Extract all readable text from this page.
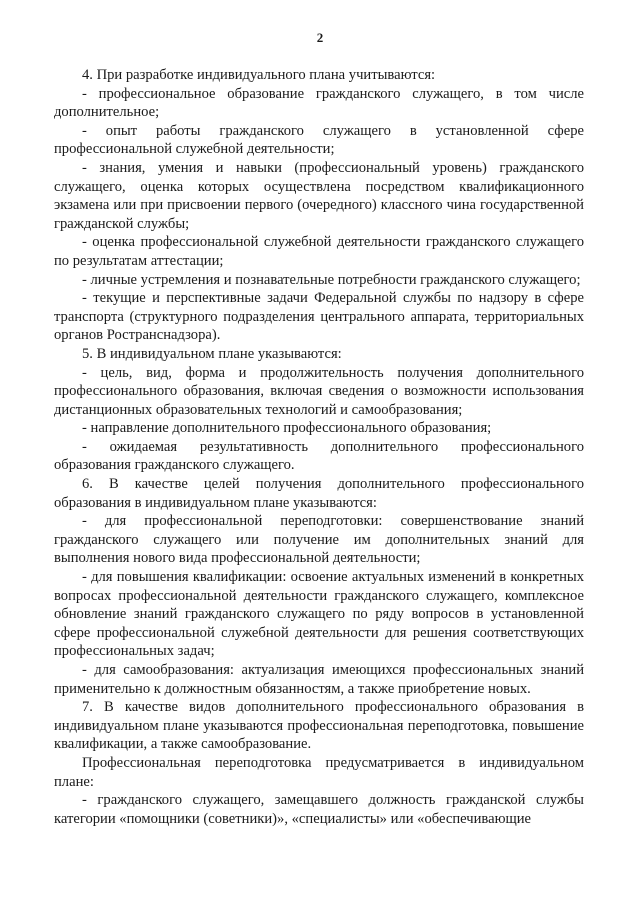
2

4. При разработке индивидуального плана учитываются:

- профессиональное образование гражданского служащего, в том числе дополнительное;

- опыт работы гражданского служащего в установленной сфере профессиональной служебной деятельности;

- знания, умения и навыки (профессиональный уровень) гражданского служащего, оценка которых осуществлена посредством квалификационного экзамена или при присвоении первого (очередного) классного чина государственной гражданской службы;

- оценка профессиональной служебной деятельности гражданского служащего по результатам аттестации;

- личные устремления и познавательные потребности гражданского служащего;

- текущие и перспективные задачи Федеральной службы по надзору в сфере транспорта (структурного подразделения центрального аппарата, территориальных органов Ространснадзора).

5. В индивидуальном плане указываются:

- цель, вид, форма и продолжительность получения дополнительного профессионального образования, включая сведения о возможности использования дистанционных образовательных технологий и самообразования;

- направление дополнительного профессионального образования;

- ожидаемая результативность дополнительного профессионального образования гражданского служащего.

6. В качестве целей получения дополнительного профессионального образования в индивидуальном плане указываются:

- для профессиональной переподготовки: совершенствование знаний гражданского служащего или получение им дополнительных знаний для выполнения нового вида профессиональной деятельности;

- для повышения квалификации: освоение актуальных изменений в конкретных вопросах профессиональной деятельности гражданского служащего, комплексное обновление знаний гражданского служащего по ряду вопросов в установленной сфере профессиональной служебной деятельности для решения соответствующих профессиональных задач;

- для самообразования: актуализация имеющихся профессиональных знаний применительно к должностным обязанностям, а также приобретение новых.

7. В качестве видов дополнительного профессионального образования в индивидуальном плане указываются профессиональная переподготовка, повышение квалификации, а также самообразование.

Профессиональная переподготовка предусматривается в индивидуальном плане:

- гражданского служащего, замещавшего должность гражданской службы категории «помощники (советники)», «специалисты» или «обеспечивающие
